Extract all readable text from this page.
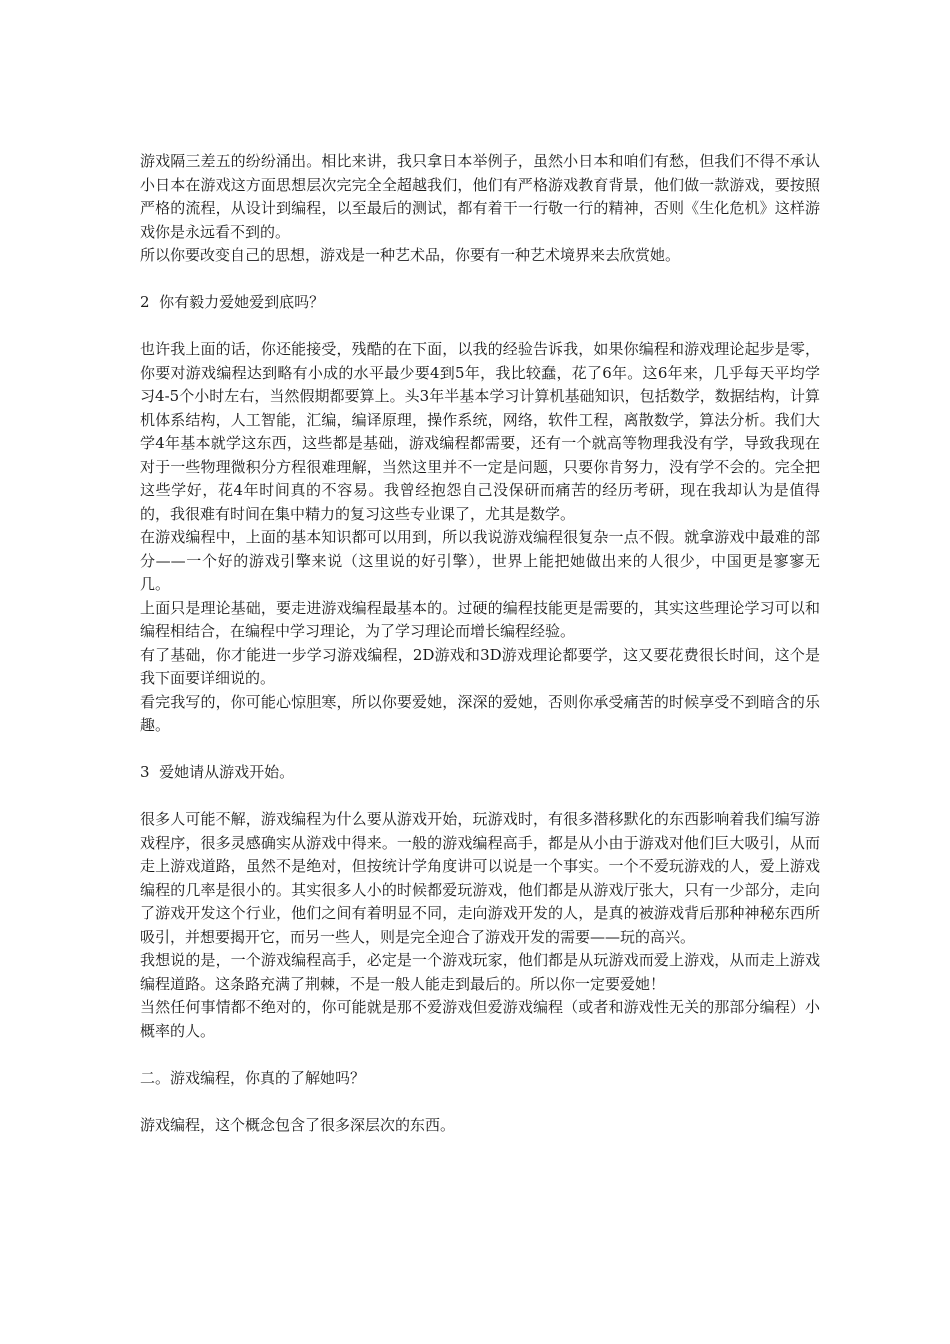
游戏隔三差五的纷纷涌出。相比来讲，我只拿日本举例子，虽然小日本和咱们有愁，但我们不得不承认小日本在游戏这方面思想层次完完全全超越我们，他们有严格游戏教育背景，他们做一款游戏，要按照严格的流程，从设计到编程，以至最后的测试，都有着干一行敬一行的精神，否则《生化危机》这样游戏你是永远看不到的。

所以你要改变自己的思想，游戏是一种艺术品，你要有一种艺术境界来去欣赏她。

2  你有毅力爱她爱到底吗？

也许我上面的话，你还能接受，残酷的在下面，以我的经验告诉我，如果你编程和游戏理论起步是零，你要对游戏编程达到略有小成的水平最少要4到5年，我比较蠢，花了6年。这6年来，几乎每天平均学习4-5个小时左右，当然假期都要算上。头3年半基本学习计算机基础知识，包括数学，数据结构，计算机体系结构，人工智能，汇编，编译原理，操作系统，网络，软件工程，离散数学，算法分析。我们大学4年基本就学这东西，这些都是基础，游戏编程都需要，还有一个就高等物理我没有学，导致我现在对于一些物理微积分方程很难理解，当然这里并不一定是问题，只要你肯努力，没有学不会的。完全把这些学好，花4年时间真的不容易。我曾经抱怨自己没保研而痛苦的经历考研，现在我却认为是值得的，我很难有时间在集中精力的复习这些专业课了，尤其是数学。

在游戏编程中，上面的基本知识都可以用到，所以我说游戏编程很复杂一点不假。就拿游戏中最难的部分——一个好的游戏引擎来说（这里说的好引擎），世界上能把她做出来的人很少，中国更是寥寥无几。

上面只是理论基础，要走进游戏编程最基本的。过硬的编程技能更是需要的，其实这些理论学习可以和编程相结合，在编程中学习理论，为了学习理论而增长编程经验。

有了基础，你才能进一步学习游戏编程，2D游戏和3D游戏理论都要学，这又要花费很长时间，这个是我下面要详细说的。

看完我写的，你可能心惊胆寒，所以你要爱她，深深的爱她，否则你承受痛苦的时候享受不到暗含的乐趣。

3  爱她请从游戏开始。

很多人可能不解，游戏编程为什么要从游戏开始，玩游戏时，有很多潜移默化的东西影响着我们编写游戏程序，很多灵感确实从游戏中得来。一般的游戏编程高手，都是从小由于游戏对他们巨大吸引，从而走上游戏道路，虽然不是绝对，但按统计学角度讲可以说是一个事实。一个不爱玩游戏的人，爱上游戏编程的几率是很小的。其实很多人小的时候都爱玩游戏，他们都是从游戏厅张大，只有一少部分，走向了游戏开发这个行业，他们之间有着明显不同，走向游戏开发的人，是真的被游戏背后那种神秘东西所吸引，并想要揭开它，而另一些人，则是完全迎合了游戏开发的需要——玩的高兴。

我想说的是，一个游戏编程高手，必定是一个游戏玩家，他们都是从玩游戏而爱上游戏，从而走上游戏编程道路。这条路充满了荆棘，不是一般人能走到最后的。所以你一定要爱她！

当然任何事情都不绝对的，你可能就是那不爱游戏但爱游戏编程（或者和游戏性无关的那部分编程）小概率的人。

二。游戏编程，你真的了解她吗？

游戏编程，这个概念包含了很多深层次的东西。
